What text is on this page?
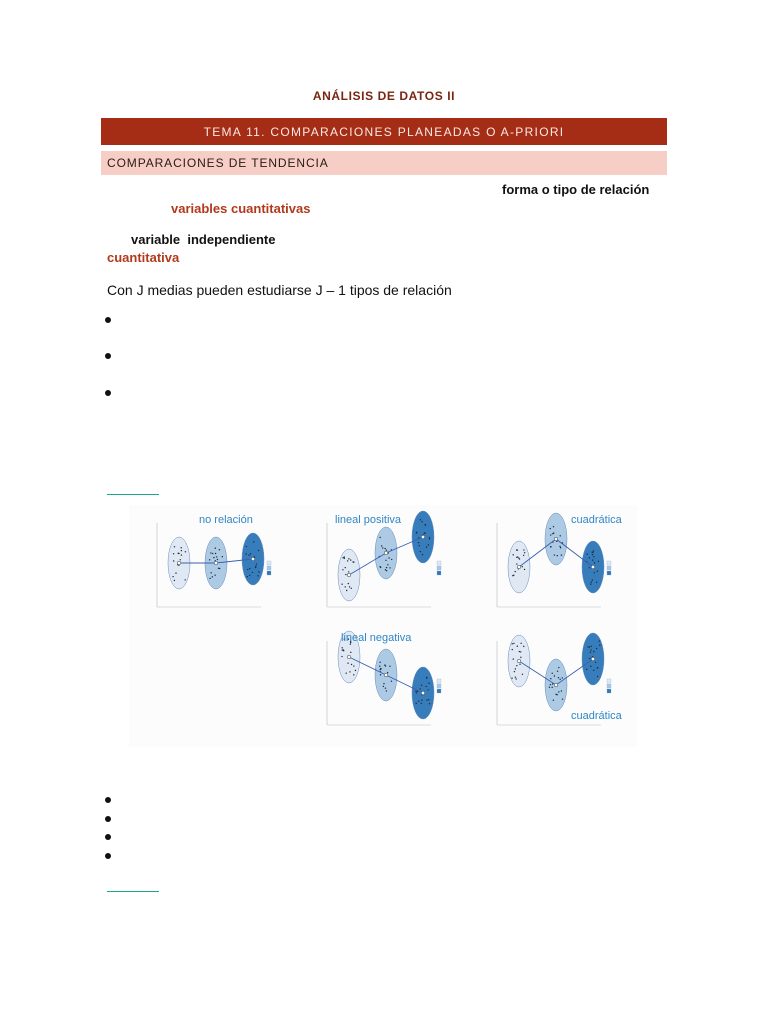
ANÁLISIS DE DATOS II
TEMA 11. COMPARACIONES PLANEADAS O A-PRIORI
COMPARACIONES DE TENDENCIA
forma o tipo de relación
variables cuantitativas
variable  independiente
cuantitativa
Con J medias pueden estudiarse J – 1 tipos de relación
no relación	lineal positiva	cuadrática
lineal negativa
cuadrática
